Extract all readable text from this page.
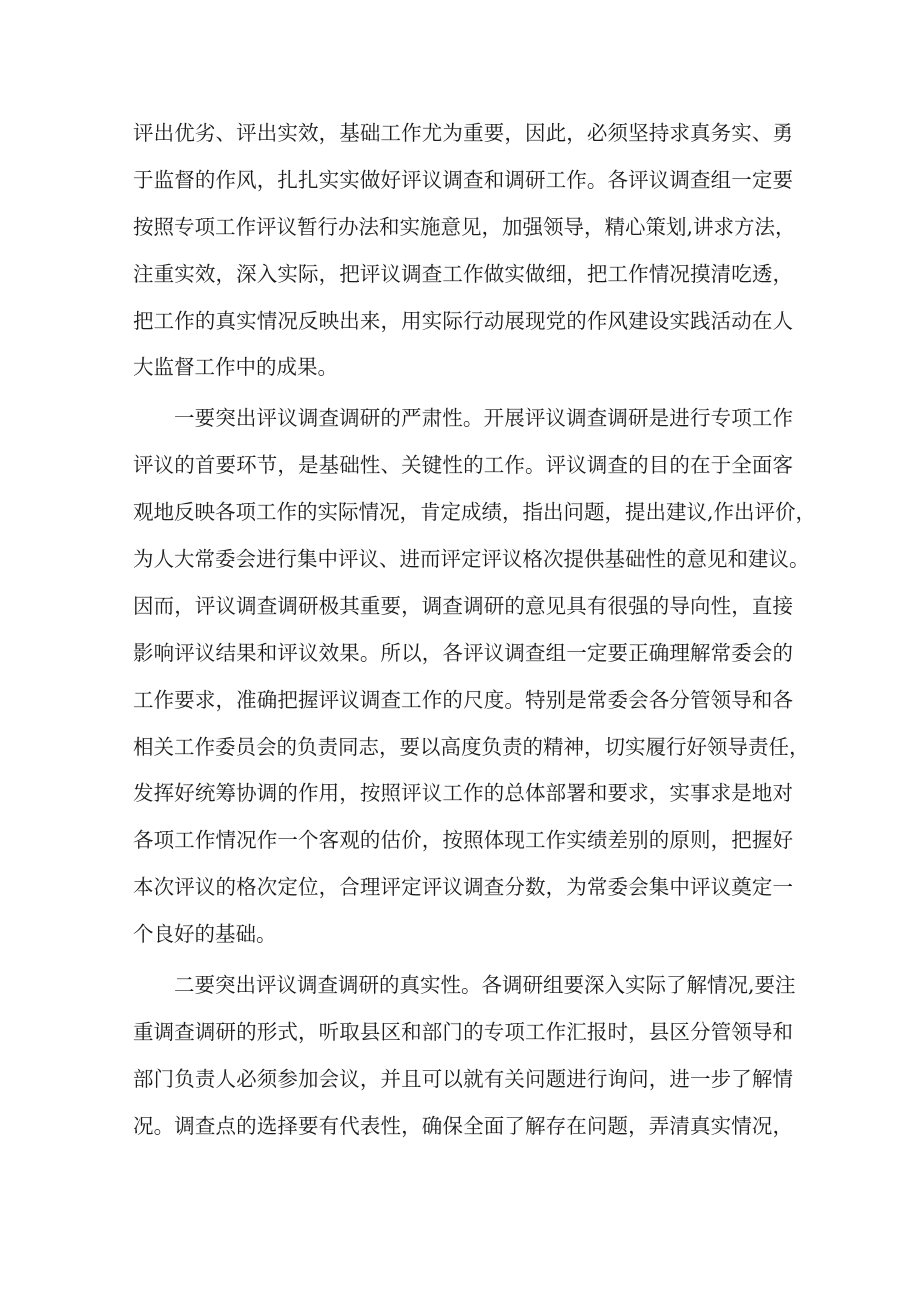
评出优劣、评出实效，基础工作尤为重要，因此，必须坚持求真务实、勇
于监督的作风，扎扎实实做好评议调查和调研工作。各评议调查组一定要
按照专项工作评议暂行办法和实施意见，加强领导，精心策划,讲求方法，
注重实效，深入实际，把评议调查工作做实做细，把工作情况摸清吃透，
把工作的真实情况反映出来，用实际行动展现党的作风建设实践活动在人
大监督工作中的成果。
一要突出评议调查调研的严肃性。开展评议调查调研是进行专项工作
评议的首要环节，是基础性、关键性的工作。评议调查的目的在于全面客
观地反映各项工作的实际情况，肯定成绩，指出问题，提出建议,作出评价，
为人大常委会进行集中评议、进而评定评议格次提供基础性的意见和建议。
因而，评议调查调研极其重要，调查调研的意见具有很强的导向性，直接
影响评议结果和评议效果。所以，各评议调查组一定要正确理解常委会的
工作要求，准确把握评议调查工作的尺度。特别是常委会各分管领导和各
相关工作委员会的负责同志，要以高度负责的精神，切实履行好领导责任，
发挥好统筹协调的作用，按照评议工作的总体部署和要求，实事求是地对
各项工作情况作一个客观的估价，按照体现工作实绩差别的原则，把握好
本次评议的格次定位，合理评定评议调查分数，为常委会集中评议奠定一
个良好的基础。
二要突出评议调查调研的真实性。各调研组要深入实际了解情况,要注
重调查调研的形式，听取县区和部门的专项工作汇报时，县区分管领导和
部门负责人必须参加会议，并且可以就有关问题进行询问，进一步了解情
况。调查点的选择要有代表性，确保全面了解存在问题，弄清真实情况，
